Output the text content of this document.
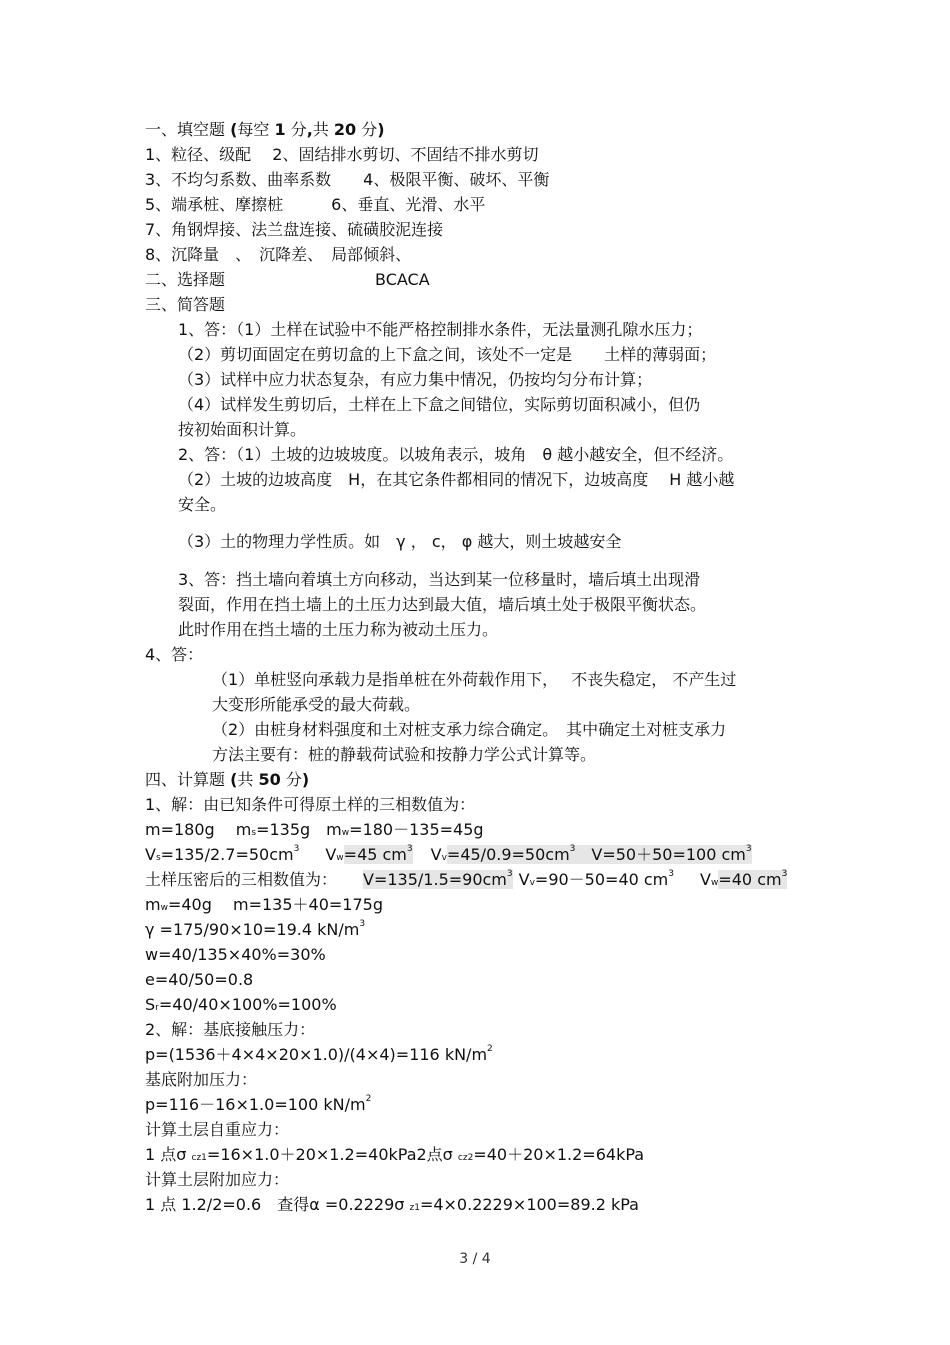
一、填空题 (每空 1 分,共 20 分)
1、粒径、级配　 2、固结排水剪切、不固结不排水剪切
3、不均匀系数、曲率系数　　4、极限平衡、破坏、平衡
5、端承桩、摩擦桩　　　6、垂直、光滑、水平
7、角钢焊接、法兰盘连接、硫磺胶泥连接
8、沉降量　、　沉降差、　局部倾斜、
二、选择题	BCACA
三、简答题
1、答：（1）土样在试验中不能严格控制排水条件，无法量测孔隙水压力；
（2）剪切面固定在剪切盒的上下盒之间，该处不一定是　　土样的薄弱面；
（3）试样中应力状态复杂，有应力集中情况，仍按均匀分布计算；
（4）试样发生剪切后，土样在上下盒之间错位，实际剪切面积减小，但仍
按初始面积计算。
2、答：（1）土坡的边坡坡度。以坡角表示，坡角　θ 越小越安全，但不经济。
（2）土坡的边坡高度　H，在其它条件都相同的情况下，边坡高度　 H 越小越
安全。
（3）土的物理力学性质。如　γ ， c， φ 越大，则土坡越安全
3、答：挡土墙向着填土方向移动，当达到某一位移量时，墙后填土出现滑
裂面，作用在挡土墙上的土压力达到最大值，墙后填土处于极限平衡状态。
此时作用在挡土墙的土压力称为被动土压力。
4、答：
（1）单桩竖向承载力是指单桩在外荷载作用下，　 不丧失稳定， 不产生过
大变形所能承受的最大荷载。
（2）由桩身材料强度和土对桩支承力综合确定。　其中确定土对桩支承力
方法主要有：桩的静载荷试验和按静力学公式计算等。
四、计算题 (共 50 分)
1、解：由已知条件可得原土样的三相数值为：
m=180g　 ms=135g　mw=180－135=45g
$Vs=135/2.7=50cm^3$ Vw=45 $cm^3$ $Vv=45/0.9=50cm^3$ V=50＋50=100 $cm^3$
土样压密后的三相数值为： $V=135/1.5=90cm^3$ Vv=90－50=40 $cm^3$ Vw=40 $cm^3$
mw=40g　 m=135＋40=175g
γ =175/90×10=19.4 $kN/m^3$
w=40/135×40%=30%
e=40/50=0.8
Sr=40/40×100%=100%
2、解：基底接触压力：
p=(1536＋4×4×20×1.0)/(4×4)=116 $kN/m^2$
基底附加压力：
p=116－16×1.0=100 $kN/m^2$
计算土层自重应力：
1 点σ cz1=16×1.0＋20×1.2=40kPa2点σ cz2=40＋20×1.2=64kPa
计算土层附加应力：
1 点 1.2/2=0.6　查得α =0.2229σ z1=4×0.2229×100=89.2 kPa
3 / 4
